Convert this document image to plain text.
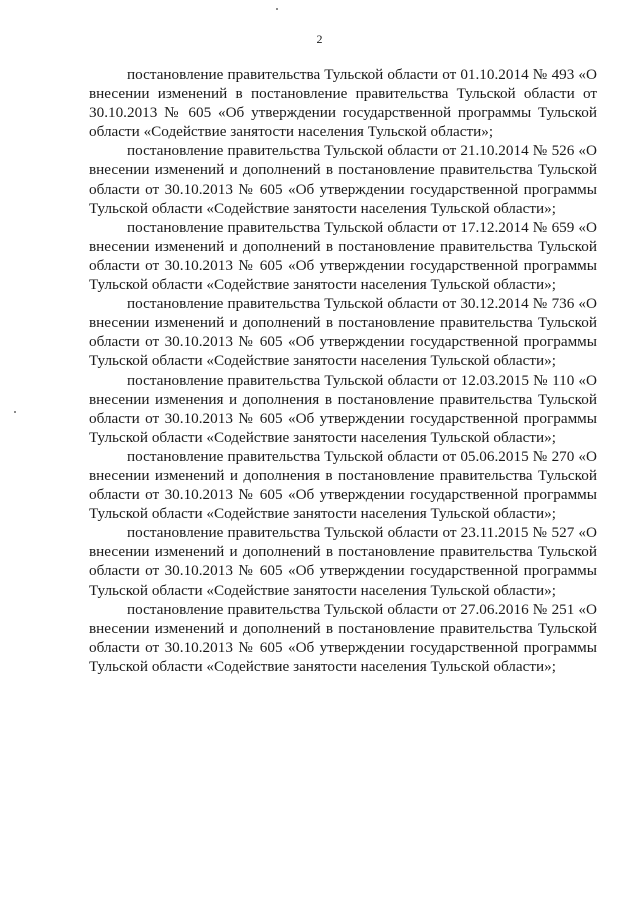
2

постановление правительства Тульской области от 01.10.2014 № 493 «О внесении изменений в постановление правительства Тульской области от 30.10.2013 № 605 «Об утверждении государственной программы Тульской области «Содействие занятости населения Тульской области»;

постановление правительства Тульской области от 21.10.2014 № 526 «О внесении изменений и дополнений в постановление правительства Тульской области от 30.10.2013 № 605 «Об утверждении государственной программы Тульской области «Содействие занятости населения Тульской области»;

постановление правительства Тульской области от 17.12.2014 № 659 «О внесении изменений и дополнений в постановление правительства Тульской области от 30.10.2013 № 605 «Об утверждении государственной программы Тульской области «Содействие занятости населения Тульской области»;

постановление правительства Тульской области от 30.12.2014 № 736 «О внесении изменений и дополнений в постановление правительства Тульской области от 30.10.2013 № 605 «Об утверждении государственной программы Тульской области «Содействие занятости населения Тульской области»;

постановление правительства Тульской области от 12.03.2015 № 110 «О внесении изменения и дополнения в постановление правительства Тульской области от 30.10.2013 № 605 «Об утверждении государственной программы Тульской области «Содействие занятости населения Тульской области»;

постановление правительства Тульской области от 05.06.2015 № 270 «О внесении изменений и дополнения в постановление правительства Тульской области от 30.10.2013 № 605 «Об утверждении государственной программы Тульской области «Содействие занятости населения Тульской области»;

постановление правительства Тульской области от 23.11.2015 № 527 «О внесении изменений и дополнений в постановление правительства Тульской области от 30.10.2013 № 605 «Об утверждении государственной программы Тульской области «Содействие занятости населения Тульской области»;

постановление правительства Тульской области от 27.06.2016 № 251 «О внесении изменений и дополнений в постановление правительства Тульской области от 30.10.2013 № 605 «Об утверждении государственной программы Тульской области «Содействие занятости населения Тульской области»;
